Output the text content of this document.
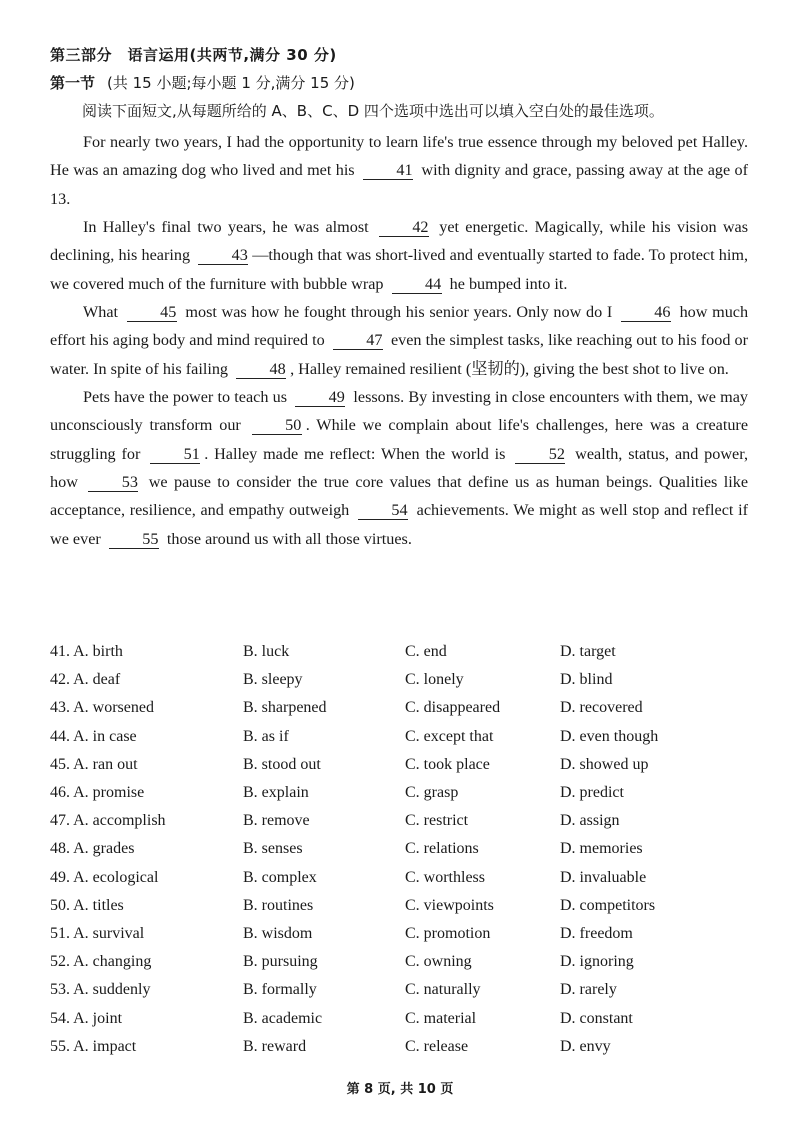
第三部分　语言运用(共两节,满分 30 分)
第一节 (共 15 小题;每小题 1 分,满分 15 分)
阅读下面短文,从每题所给的 A、B、C、D 四个选项中选出可以填入空白处的最佳选项。

For nearly two years, I had the opportunity to learn life's true essence through my beloved pet Halley. He was an amazing dog who lived and met his	41 with dignity and grace, passing away at the age of 13.

In Halley's final two years, he was almost	42 yet energetic. Magically, while his vision was declining, his hearing	43 —though that was short-lived and eventually started to fade. To protect him, we covered much of the furniture with bubble wrap	44 he bumped into it.

What	45 most was how he fought through his senior years. Only now do I	46 how much effort his aging body and mind required to	47 even the simplest tasks, like reaching out to his food or water. In spite of his failing	48 , Halley remained resilient (坚韧的), giving the best shot to live on.

Pets have the power to teach us	49 lessons. By investing in close encounters with them, we may unconsciously transform our	50 . While we complain about life's challenges, here was a creature struggling for	51 . Halley made me reflect: When the world is	52 wealth, status, and power, how	53 we pause to consider the true core values that define us as human beings. Qualities like acceptance, resilience, and empathy outweigh	54 achievements. We might as well stop and reflect if we ever	55 those around us with all those virtues.

41. A. birth	B. luck	C. end	D. target
42. A. deaf	B. sleepy	C. lonely	D. blind
43. A. worsened	B. sharpened	C. disappeared	D. recovered
44. A. in case	B. as if	C. except that	D. even though
45. A. ran out	B. stood out	C. took place	D. showed up
46. A. promise	B. explain	C. grasp	D. predict
47. A. accomplish	B. remove	C. restrict	D. assign
48. A. grades	B. senses	C. relations	D. memories
49. A. ecological	B. complex	C. worthless	D. invaluable
50. A. titles	B. routines	C. viewpoints	D. competitors
51. A. survival	B. wisdom	C. promotion	D. freedom
52. A. changing	B. pursuing	C. owning	D. ignoring
53. A. suddenly	B. formally	C. naturally	D. rarely
54. A. joint	B. academic	C. material	D. constant
55. A. impact	B. reward	C. release	D. envy
第 8 页, 共 10 页
